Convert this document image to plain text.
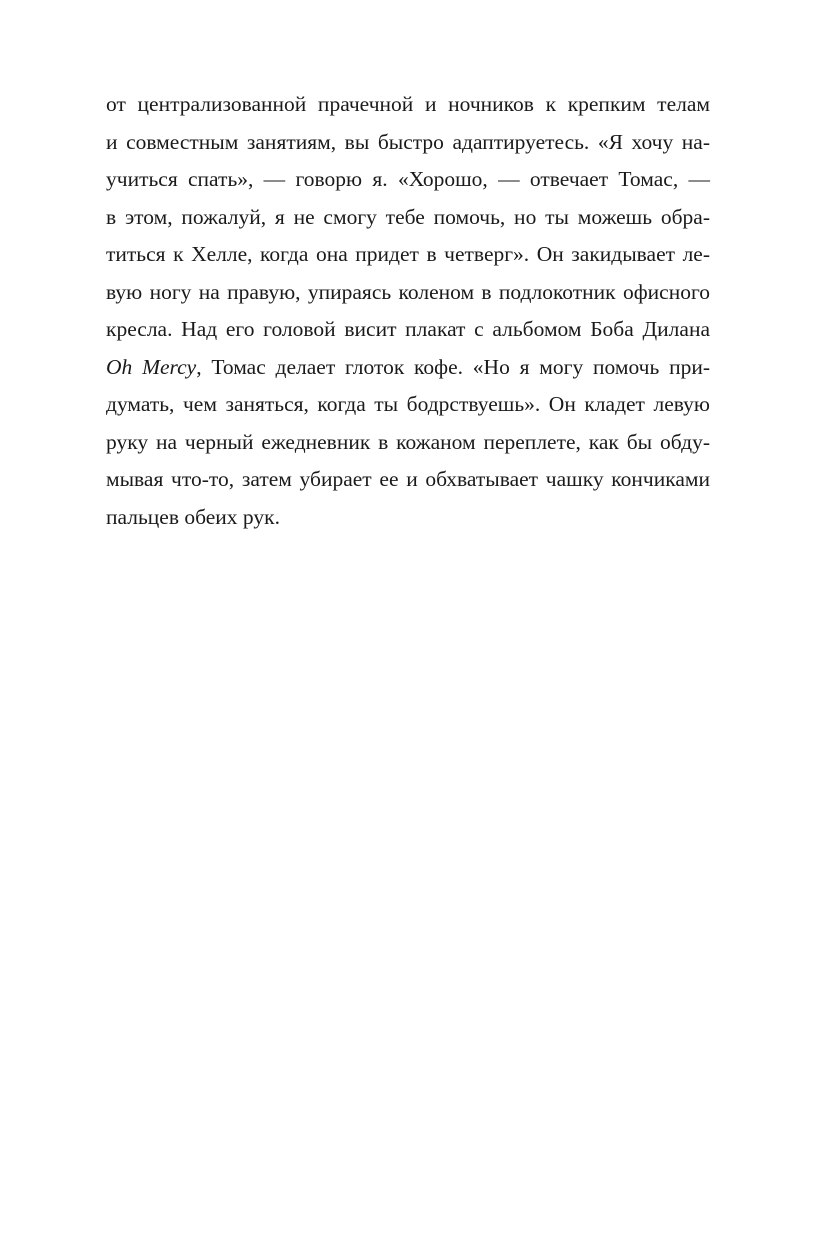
от централизованной прачечной и ночников к крепким телам
и совместным занятиям, вы быстро адаптируетесь. «Я хочу на-
учиться спать», — говорю я. «Хорошо, — отвечает Томас, —
в этом, пожалуй, я не смогу тебе помочь, но ты можешь обра-
титься к Хелле, когда она придет в четверг». Он закидывает ле-
вую ногу на правую, упираясь коленом в подлокотник офисного
кресла. Над его головой висит плакат с альбомом Боба Дилана
Oh Mercy, Томас делает глоток кофе. «Но я могу помочь при-
думать, чем заняться, когда ты бодрствуешь». Он кладет левую
руку на черный ежедневник в кожаном переплете, как бы обду-
мывая что-то, затем убирает ее и обхватывает чашку кончиками
пальцев обеих рук.
